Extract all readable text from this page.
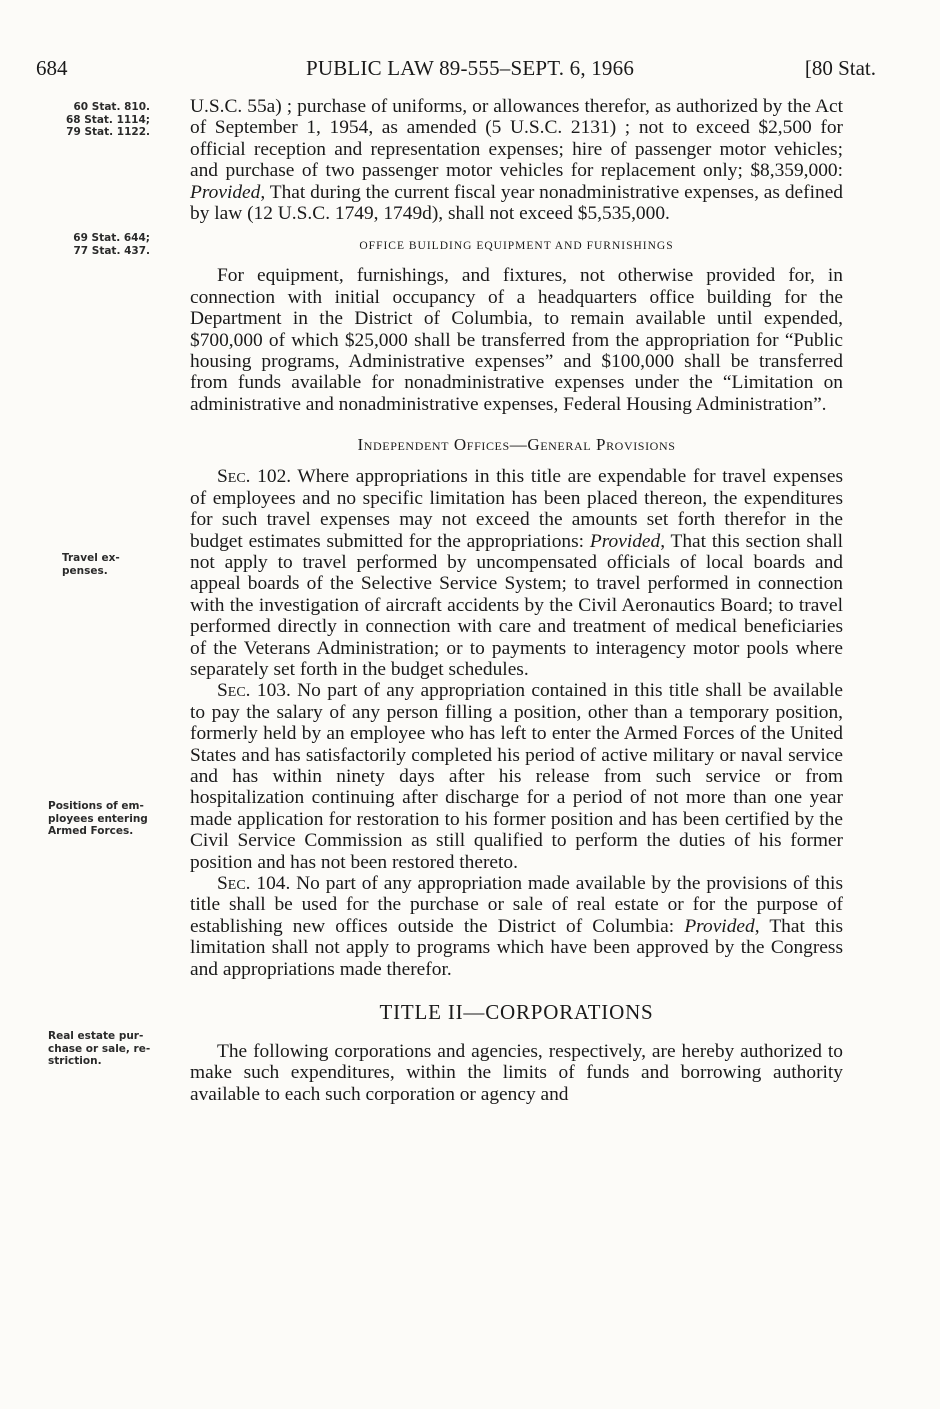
684	PUBLIC LAW 89-555–SEPT. 6, 1966	[80 Stat.
60 Stat. 810.
68 Stat. 1114;
79 Stat. 1122.
69 Stat. 644;
77 Stat. 437.
Travel ex-
penses.
Positions of em-
ployees entering
Armed Forces.
Real estate pur-
chase or sale, re-
striction.

U.S.C. 55a) ; purchase of uniforms, or allowances therefor, as authorized by the Act of September 1, 1954, as amended (5 U.S.C. 2131) ; not to exceed $2,500 for official reception and representation expenses; hire of passenger motor vehicles; and purchase of two passenger motor vehicles for replacement only; $8,359,000: Provided, That during the current fiscal year nonadministrative expenses, as defined by law (12 U.S.C. 1749, 1749d), shall not exceed $5,535,000.

OFFICE BUILDING EQUIPMENT AND FURNISHINGS

For equipment, furnishings, and fixtures, not otherwise provided for, in connection with initial occupancy of a headquarters office building for the Department in the District of Columbia, to remain available until expended, $700,000 of which $25,000 shall be transferred from the appropriation for “Public housing programs, Administrative expenses” and $100,000 shall be transferred from funds available for nonadministrative expenses under the “Limitation on administrative and nonadministrative expenses, Federal Housing Administration”.

Independent Offices—General Provisions

Sec. 102. Where appropriations in this title are expendable for travel expenses of employees and no specific limitation has been placed thereon, the expenditures for such travel expenses may not exceed the amounts set forth therefor in the budget estimates submitted for the appropriations: Provided, That this section shall not apply to travel performed by uncompensated officials of local boards and appeal boards of the Selective Service System; to travel performed in connection with the investigation of aircraft accidents by the Civil Aeronautics Board; to travel performed directly in connection with care and treatment of medical beneficiaries of the Veterans Administration; or to payments to interagency motor pools where separately set forth in the budget schedules.

Sec. 103. No part of any appropriation contained in this title shall be available to pay the salary of any person filling a position, other than a temporary position, formerly held by an employee who has left to enter the Armed Forces of the United States and has satisfactorily completed his period of active military or naval service and has within ninety days after his release from such service or from hospitalization continuing after discharge for a period of not more than one year made application for restoration to his former position and has been certified by the Civil Service Commission as still qualified to perform the duties of his former position and has not been restored thereto.

Sec. 104. No part of any appropriation made available by the provisions of this title shall be used for the purchase or sale of real estate or for the purpose of establishing new offices outside the District of Columbia: Provided, That this limitation shall not apply to programs which have been approved by the Congress and appropriations made therefor.

TITLE II—CORPORATIONS

The following corporations and agencies, respectively, are hereby authorized to make such expenditures, within the limits of funds and borrowing authority available to each such corporation or agency and
